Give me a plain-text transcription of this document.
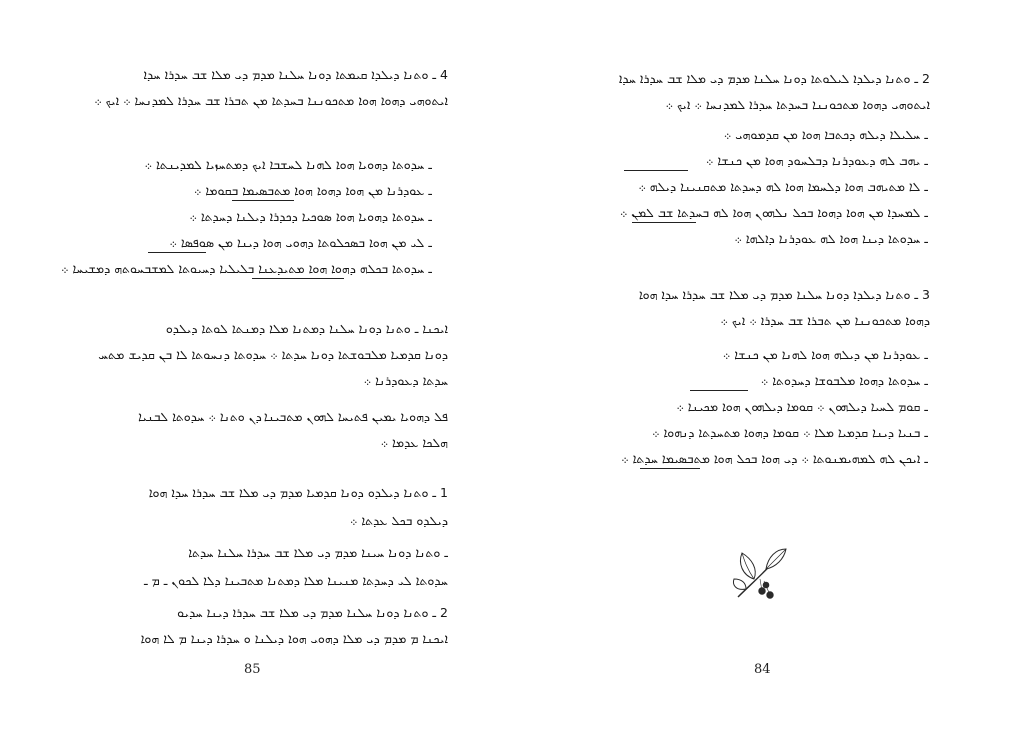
4 ـ ܘܬܢܐ ܕܝܠܕܐ ܩܝܡܬܐ ܕܘܢܐ ܚܠܢܐ ܡܕܡ ܕܝ ܡܠܐ ܫܒ ܚܕܪܐ ܚܕܐ
ܐܝܬܘܗܝ ܕܗܘܐ ܗܘܐ ܡܬܟܘܢܢܐ ܒܚܕܬܐ ܡܢ ܬܒܪܐ ܫܒ ܚܕܪܐ ܠܡܕܢܚܐ ܀ ܐܝܟ ܀
ـ ܚܕܘܬܐ ܕܗܘܝܐ ܗܘܐ ܠܗܢܐ ܠܚܫܒܐ ܐܝܟ ܕܡܬܚܙܝܐ ܠܡܕܝܢܬܐ ܀
ـ ܥܘܕܪܢܐ ܡܢ ܗܘܐ ܕܗܘܐ ܗܘܐ ܡܬܒܣܝܡܐ ܒܩܘܡܐ ܀
ـ ܚܕܘܬܐ ܕܗܘܝܐ ܗܘܐ ܣܘܟܝܐ ܕܟܕܪܐ ܕܝܠܢܐ ܕܚܕܬܐ ܀
ـ ܠܝ ܡܢ ܗܘܐ ܒܣܟܠܘܬܐ ܕܗܘܝ ܗܘܐ ܕܝܢܐ ܡܢ ܣܘܦܣܐ ܀
ـ ܚܕܘܬܐ ܒܟܠܗ ܕܗܘܐ ܗܘܐ ܡܬܝܕܥܢܐ ܒܠܝܠܝܐ ܕܚܝܘܬܐ ܠܡܫܒܚܘܬܗ ܕܡܫܝܚܐ ܀
ܐܝܟܢܐ ـ ܘܬܢܐ ܕܘܢܐ ܚܠܢܐ ܕܡܬܢܐ ܡܠܐ ܕܡܢܬܐ ܠܘܬܐ ܕܝܠܕܘ
ܕܘܢܐ ܩܕܡܝܐ ܡܠܒܘܫܬܐ ܕܘܢܐ ܚܕܬܐ ܀ ܚܕܘܬܐ ܕܢܚܘܬܐ ܠܐ ܒܢ ܩܕܝܫ ܡܬܚ
ܚܕܬܐ ܕܥܘܕܪܢܐ ܀
ܦܠ ܕܗܘܝܐ ܝܡܝܢ ܦܬܝܚܐ ܠܗܘܢ ܡܬܒܝܢܐ ܕܢ ܘܬܢܐ ܀ ܚܕܘܬܐ ܠܒܢܝܐ
ܗܠܟܐ ܥܕܡܐ ܀
1 ـ ܘܬܢܐ ܕܝܠܕܘ ܕܘܢܐ ܩܕܡܝܐ ܡܕܡ ܕܝ ܡܠܐ ܫܒ ܚܕܪܐ ܚܕܐ ܗܘܐ
ܕܝܠܕܘ ܒܟܠ ܥܕܬܐ ܀
ـ ܘܬܢܐ ܕܘܢܐ ܚܝܢܐ ܡܕܡ ܕܝ ܡܠܐ ܫܒ ܚܕܪܐ ܚܠܢܐ ܚܕܬܐ
ܚܕܘܬܐ ܠܝ ܕܚܕܬܐ ܡܢܝܢܐ ܡܠܐ ܕܡܬܢܐ ܡܬܒܝܢܐ ܕܠܐ ܠܟܘܢ ـ ܡ ـ
2 ـ ܘܬܢܐ ܕܘܢܐ ܚܠܢܐ ܡܕܡ ܕܝ ܡܠܐ ܫܒ ܚܕܪܐ ܕܝܢܐ ܚܕܝܘ
ܐܝܟܢܐ ܡ ܡܕܡ ܕܝ ܡܠܐ ܕܗܘܝ ܗܘܐ ܕܝܠܢܐ ܘ ܚܕܪܐ ܕܝܢܐ ܡ ܠܐ ܗܘܐ
85
2 ـ ܘܬܢܐ ܕܝܠܕܐ ܠܝܠܘܬܐ ܕܘܢܐ ܚܠܢܐ ܡܕܡ ܕܝ ܡܠܐ ܫܒ ܚܕܪܐ ܚܕܐ
ܐܝܬܘܗܝ ܕܗܘܐ ܡܬܟܘܢܢܐ ܒܚܕܬܐ ܚܕܪܐ ܠܡܕܢܚܐ ܀ ܐܝܟ ܀
ـ ܚܠܝܠܐ ܕܝܠܗ ܕܟܬܒܐ ܗܘܐ ܡܢ ܩܕܡܘܗܝ ܀
ـ ܝܗܒ ܠܗ ܕܥܘܕܪܢܐ ܕܒܠܚܘܕ ܗܘܐ ܡܢ ܟܢܫܐ ܀
ـ ܠܐ ܡܬܝܗܒ ܗܘܐ ܕܠܚܡܐ ܗܘܐ ܠܗ ܕܚܕܬܐ ܡܬܩܢܝܢܐ ܕܝܠܗ ܀
ـ ܠܡܚܕܐ ܡܢ ܗܘܐ ܕܗܘܐ ܒܟܠ ܢܠܗܘܢ ܗܘܐ ܠܗ ܒܚܕܬܐ ܫܒ ܠܡܢ ܀
ـ ܚܕܘܬܐ ܕܝܢܐ ܗܘܐ ܠܗ ܥܘܕܪܢܐ ܕܐܠܗܐ ܀
3 ـ ܘܬܢܐ ܕܝܠܕܐ ܕܘܢܐ ܚܠܢܐ ܡܕܡ ܕܝ ܡܠܐ ܫܒ ܚܕܪܐ ܚܕܐ ܗܘܐ
ܕܗܘܐ ܡܬܟܘܢܢܐ ܡܢ ܬܒܪܐ ܫܒ ܚܕܪܐ ܀ ܐܝܟ ܀
ـ ܥܘܕܪܢܐ ܡܢ ܕܝܠܗ ܗܘܐ ܠܗܢܐ ܡܢ ܟܢܫܐ ܀
ـ ܚܕܘܬܐ ܕܗܘܐ ܡܠܒܘܫܐ ܕܚܕܘܬܐ ܀
ـ ܩܘܡ ܠܚܝܐ ܕܝܠܗܘܢ ܀ ܩܘܡܐ ܕܝܠܗܘܢ ܗܘܐ ܡܟܝܢܐ ܀
ـ ܒܢܝܐ ܕܝܢܐ ܩܕܡܝܐ ܡܠܐ ܀ ܩܘܡܐ ܕܗܘܐ ܡܬܚܕܬܐ ܕܢܗܘܐ ܀
ـ ܐܝܟܢ ܠܗ ܠܡܗܝܡܢܘܬܐ ܀ ܕܝ ܗܘܐ ܒܟܠ ܗܘܐ ܡܬܒܣܝܡܐ ܚܕܬܐ ܀
84
